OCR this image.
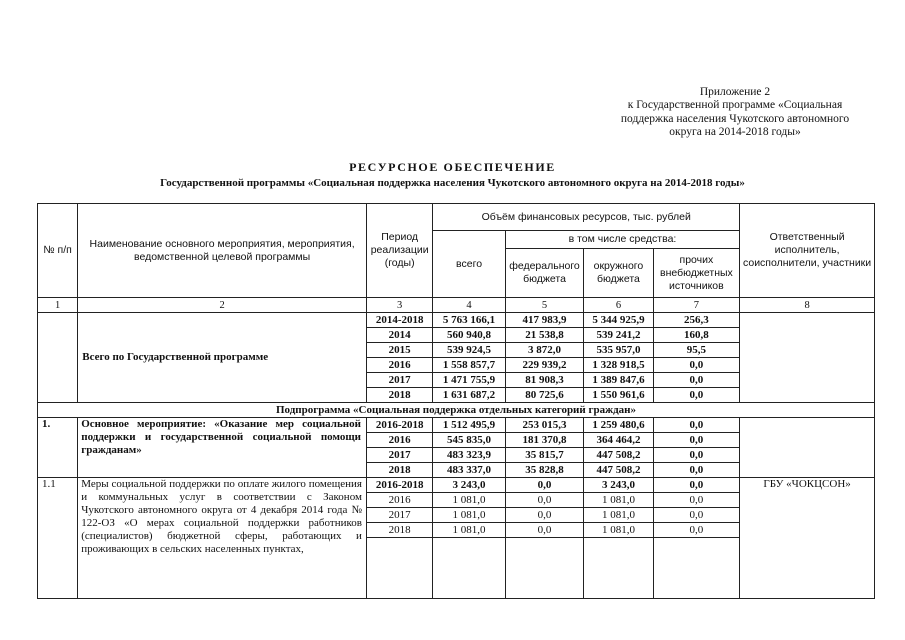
Приложение 2
к Государственной программе «Социальная
поддержка населения Чукотского автономного
округа на 2014-2018 годы»
РЕСУРСНОЕ ОБЕСПЕЧЕНИЕ
Государственной программы «Социальная поддержка населения Чукотского автономного округа на 2014-2018 годы»
№ п/п	Наименование основного мероприятия, мероприятия, ведомственной целевой программы	Период реализации (годы)	Объём финансовых ресурсов, тыс. рублей				Ответственный исполнитель, соисполнители, участники
			всего	в том числе средства:			
				федерального бюджета	окружного бюджета	прочих внебюджетных источников	

1	2	3	4	5	6	7	8
	Всего по Государственной программе	2014-2018	5 763 166,1	417 983,9	5 344 925,9	256,3	
		2014	560 940,8	21 538,8	539 241,2	160,8	
		2015	539 924,5	3 872,0	535 957,0	95,5	
		2016	1 558 857,7	229 939,2	1 328 918,5	0,0	
		2017	1 471 755,9	81 908,3	1 389 847,6	0,0	
		2018	1 631 687,2	80 725,6	1 550 961,6	0,0	
Подпрограмма «Социальная поддержка отдельных категорий граждан»							
1.	Основное мероприятие: «Оказание мер социальной поддержки и государственной социальной помощи гражданам»	2016-2018	1 512 495,9	253 015,3	1 259 480,6	0,0	
		2016	545 835,0	181 370,8	364 464,2	0,0	
		2017	483 323,9	35 815,7	447 508,2	0,0	
		2018	483 337,0	35 828,8	447 508,2	0,0	
1.1	Меры социальной поддержки по оплате жилого помещения и коммунальных услуг в соответствии с Законом Чукотского автономного округа от 4 декабря 2014 года № 122-ОЗ «О мерах социальной поддержки работников (специалистов) бюджетной сферы, работающих и проживающих в сельских населенных пунктах,	2016-2018	3 243,0	0,0	3 243,0	0,0	ГБУ «ЧОКЦСОН»
		2016	1 081,0	0,0	1 081,0	0,0	
		2017	1 081,0	0,0	1 081,0	0,0	
		2018	1 081,0	0,0	1 081,0	0,0	
